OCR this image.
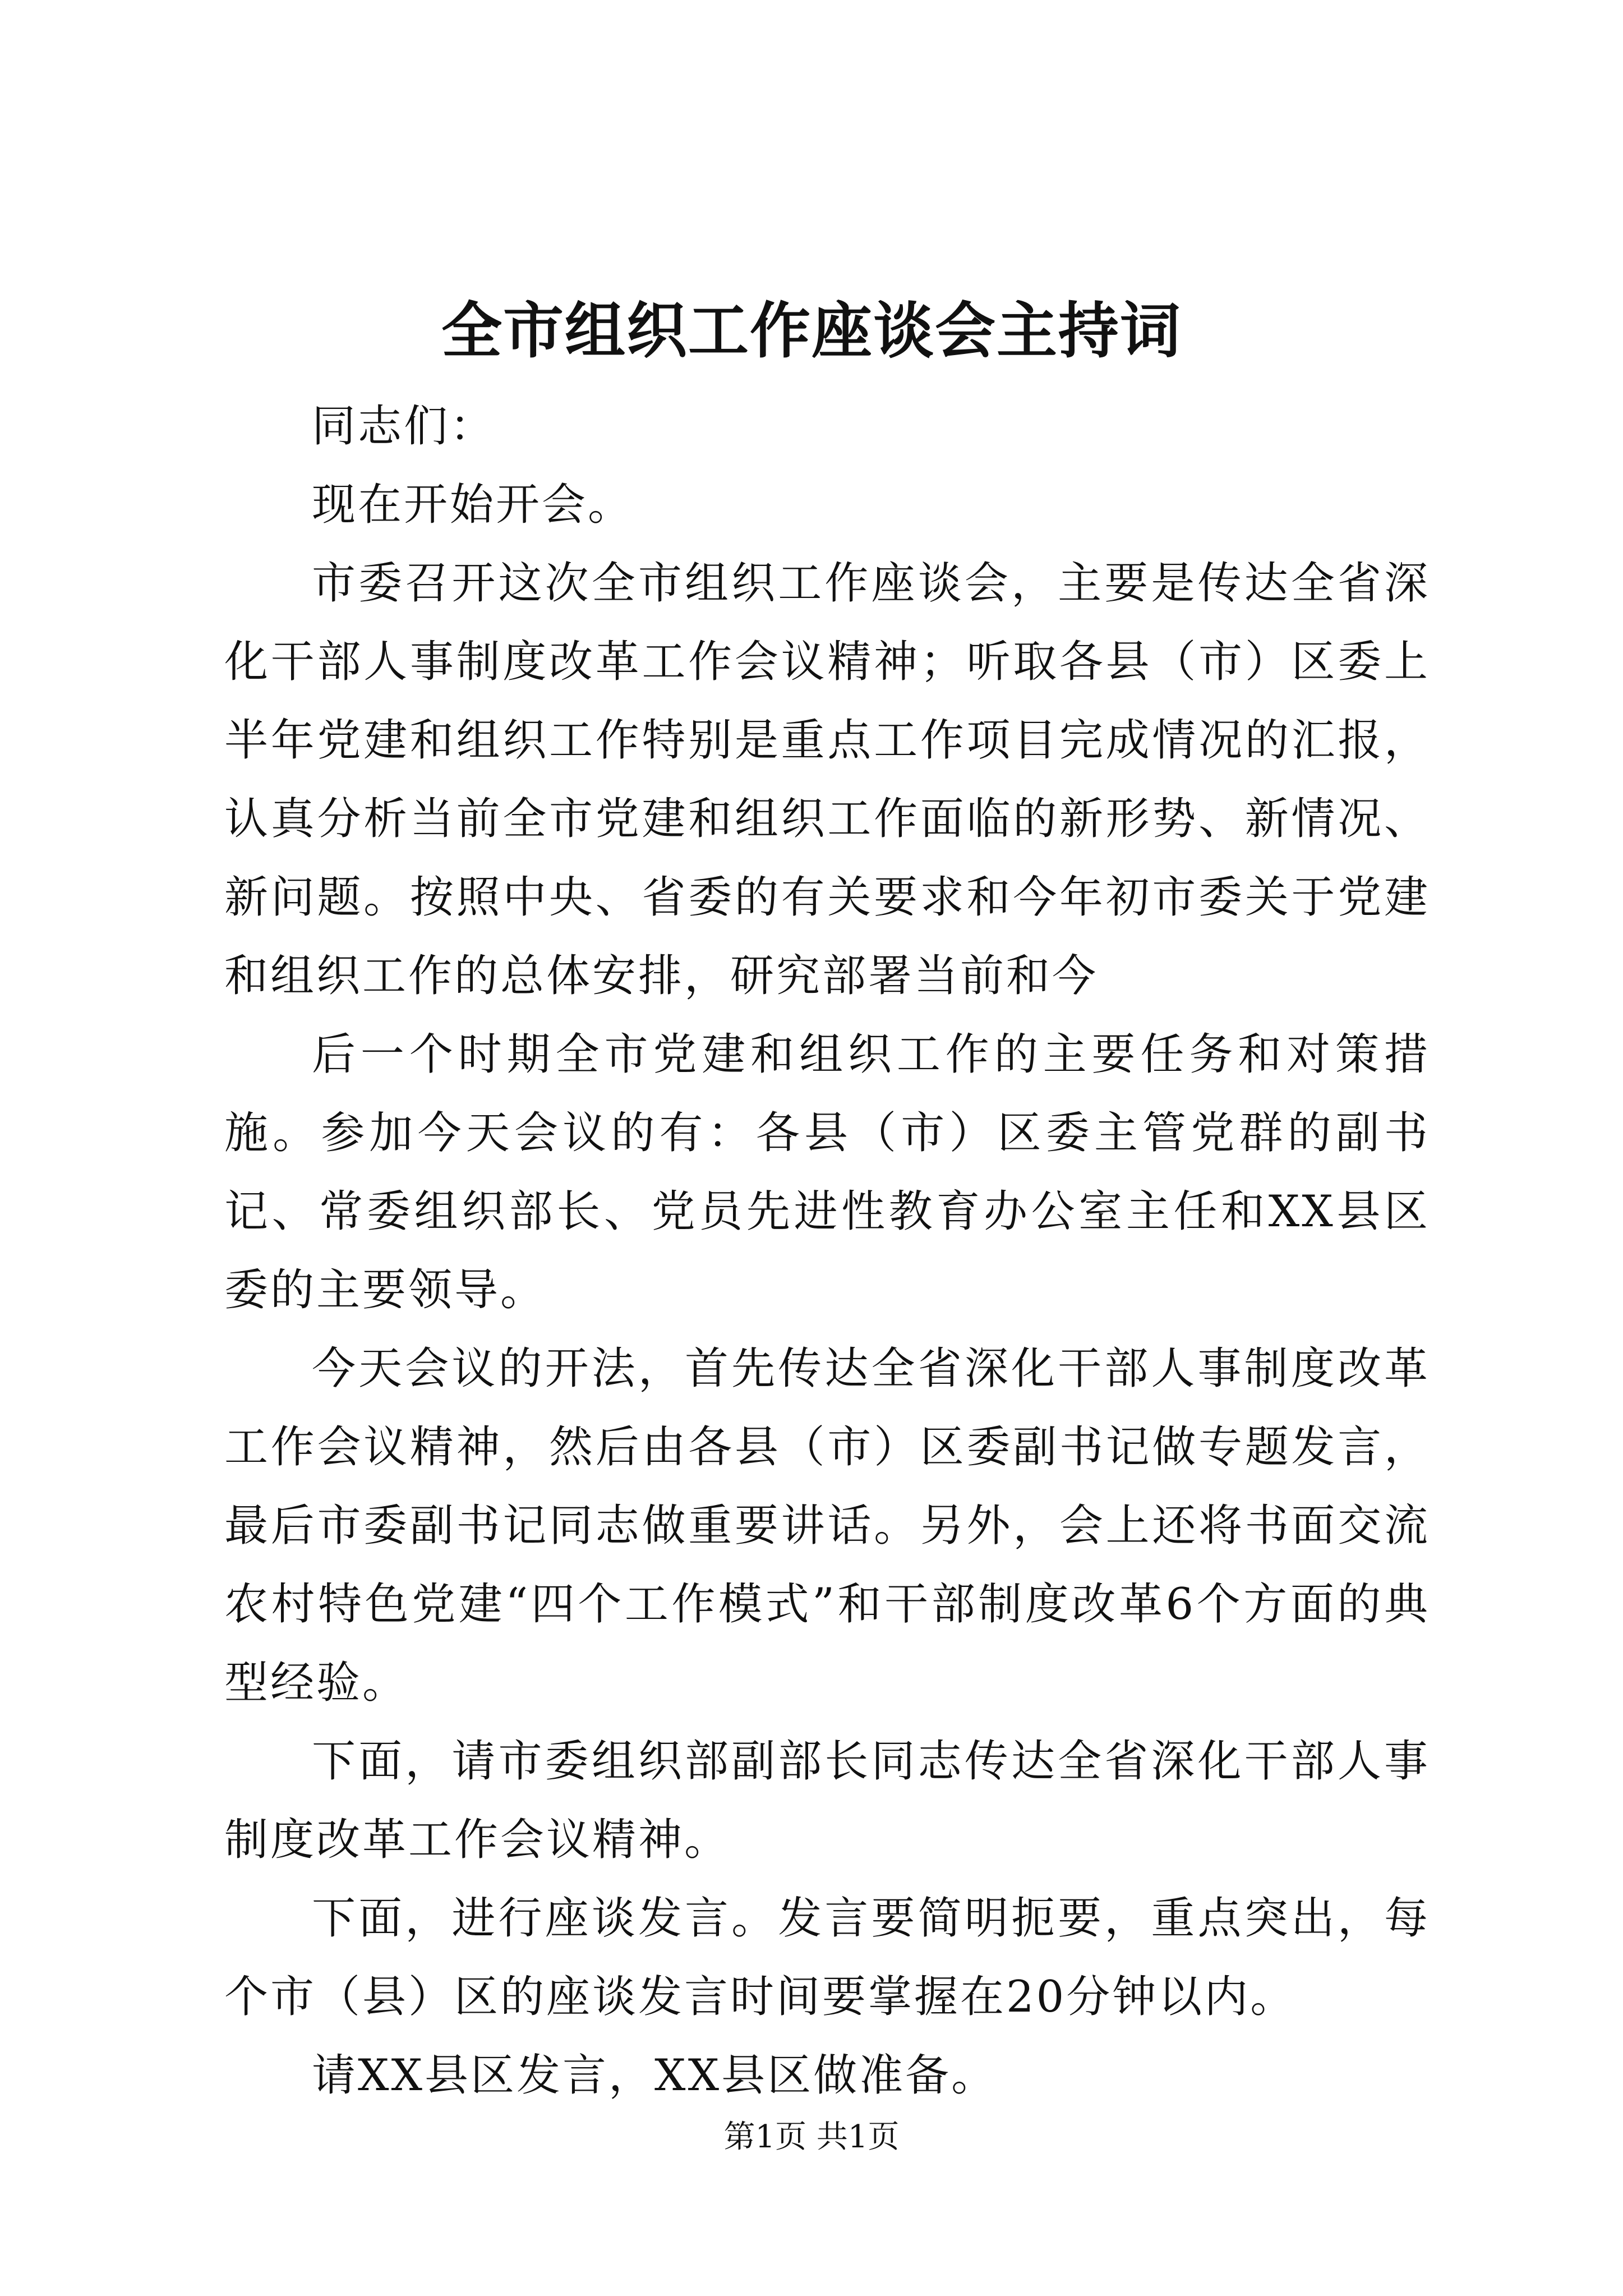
全市组织工作座谈会主持词

同志们：

现在开始开会。

市委召开这次全市组织工作座谈会，主要是传达全省深化干部人事制度改革工作会议精神；听取各县（市）区委上半年党建和组织工作特别是重点工作项目完成情况的汇报，认真分析当前全市党建和组织工作面临的新形势、新情况、新问题。按照中央、省委的有关要求和今年初市委关于党建和组织工作的总体安排，研究部署当前和今

后一个时期全市党建和组织工作的主要任务和对策措施。参加今天会议的有：各县（市）区委主管党群的副书记、常委组织部长、党员先进性教育办公室主任和XX县区委的主要领导。

今天会议的开法，首先传达全省深化干部人事制度改革工作会议精神，然后由各县（市）区委副书记做专题发言，最后市委副书记同志做重要讲话。另外，会上还将书面交流农村特色党建“四个工作模式”和干部制度改革6个方面的典型经验。

下面，请市委组织部副部长同志传达全省深化干部人事制度改革工作会议精神。

下面，进行座谈发言。发言要简明扼要，重点突出，每个市（县）区的座谈发言时间要掌握在20分钟以内。

请XX县区发言，XX县区做准备。

第1页 共1页
